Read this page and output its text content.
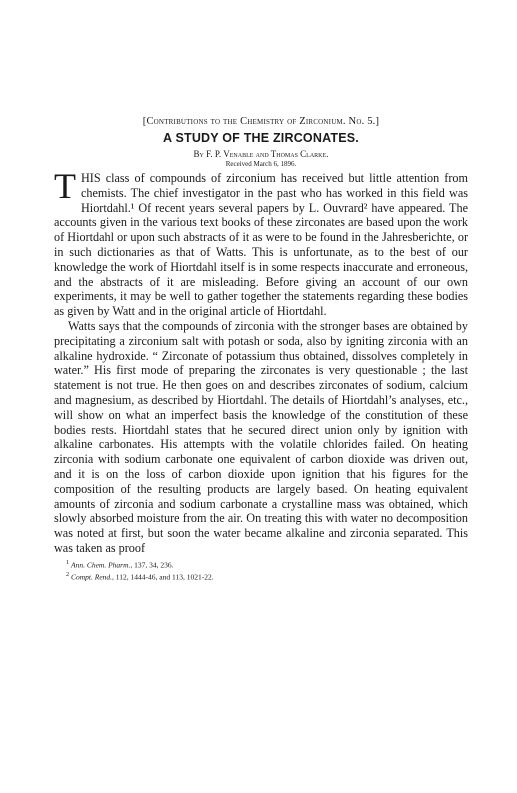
[Contributions to the Chemistry of Zirconium. No. 5.]
A STUDY OF THE ZIRCONATES.
By F. P. Venable and Thomas Clarke.
Received March 6, 1896.

THIS class of compounds of zirconium has received but little attention from chemists. The chief investigator in the past who has worked in this field was Hiortdahl.¹ Of recent years several papers by L. Ouvrard² have appeared. The accounts given in the various text books of these zirconates are based upon the work of Hiortdahl or upon such abstracts of it as were to be found in the Jahresberichte, or in such dictionaries as that of Watts. This is unfortunate, as to the best of our knowledge the work of Hiortdahl itself is in some respects inaccurate and erroneous, and the abstracts of it are misleading. Before giving an account of our own experiments, it may be well to gather together the statements regarding these bodies as given by Watt and in the original article of Hiortdahl.

Watts says that the compounds of zirconia with the stronger bases are obtained by precipitating a zirconium salt with potash or soda, also by igniting zirconia with an alkaline hydroxide. “ Zirconate of potassium thus obtained, dissolves completely in water.” His first mode of preparing the zirconates is very questionable ; the last statement is not true. He then goes on and describes zirconates of sodium, calcium and magnesium, as described by Hiortdahl. The details of Hiortdahl’s analyses, etc., will show on what an imperfect basis the knowledge of the constitution of these bodies rests. Hiortdahl states that he secured direct union only by ignition with alkaline carbonates. His attempts with the volatile chlorides failed. On heating zirconia with sodium carbonate one equivalent of carbon dioxide was driven out, and it is on the loss of carbon dioxide upon ignition that his figures for the composition of the resulting products are largely based. On heating equivalent amounts of zirconia and sodium carbonate a crystalline mass was obtained, which slowly absorbed moisture from the air. On treating this with water no decomposition was noted at first, but soon the water became alkaline and zirconia separated. This was taken as proof

$^1$ Ann. Chem. Pharm., 137, 34, 236.
$^2$ Compt. Rend., 112, 1444-46, and 113, 1021-22.
